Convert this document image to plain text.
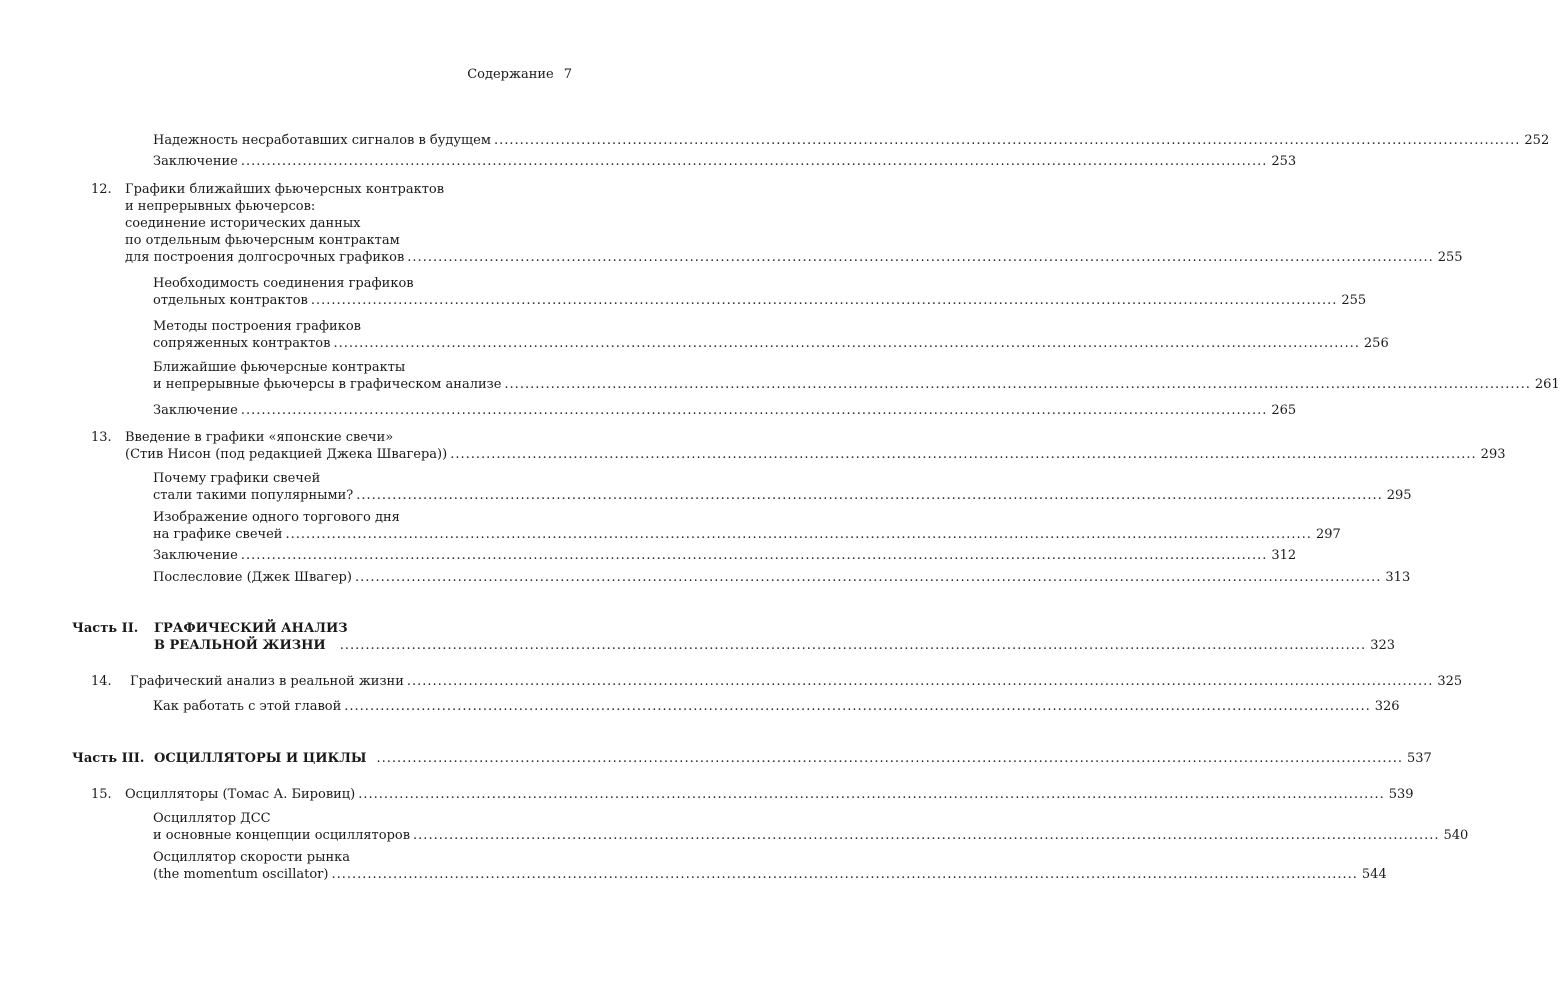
Содержание 7
Надежность несработавших сигналов в будущем ........................................................................................................................................................................................................ 252
Заключение ........................................................................................................................................................................................................ 253
12. Графики ближайших фьючерсных контрактов
и непрерывных фьючерсов:
соединение исторических данных
по отдельным фьючерсным контрактам
для построения долгосрочных графиков ........................................................................................................................................................................................................ 255
Необходимость соединения графиков
отдельных контрактов ........................................................................................................................................................................................................ 255
Методы построения графиков
сопряженных контрактов ........................................................................................................................................................................................................ 256
Ближайшие фьючерсные контракты
и непрерывные фьючерсы в графическом анализе ........................................................................................................................................................................................................ 261
Заключение ........................................................................................................................................................................................................ 265
13. Введение в графики «японские свечи»
(Стив Нисон (под редакцией Джека Швагера)) ........................................................................................................................................................................................................ 293
Почему графики свечей
стали такими популярными? ........................................................................................................................................................................................................ 295
Изображение одного торгового дня
на графике свечей ........................................................................................................................................................................................................ 297
Заключение ........................................................................................................................................................................................................ 312
Послесловие (Джек Швагер) ........................................................................................................................................................................................................ 313
Часть II. ГРАФИЧЕСКИЙ АНАЛИЗ
В РЕАЛЬНОЙ ЖИЗНИ ........................................................................................................................................................................................................ 323
14. Графический анализ в реальной жизни ........................................................................................................................................................................................................ 325
Как работать с этой главой ........................................................................................................................................................................................................ 326
Часть III. ОСЦИЛЛЯТОРЫ И ЦИКЛЫ ........................................................................................................................................................................................................ 537
15. Осцилляторы (Томас А. Бировиц) ........................................................................................................................................................................................................ 539
Осциллятор ДСС
и основные концепции осцилляторов ........................................................................................................................................................................................................ 540
Осциллятор скорости рынка
(the momentum oscillator) ........................................................................................................................................................................................................ 544
